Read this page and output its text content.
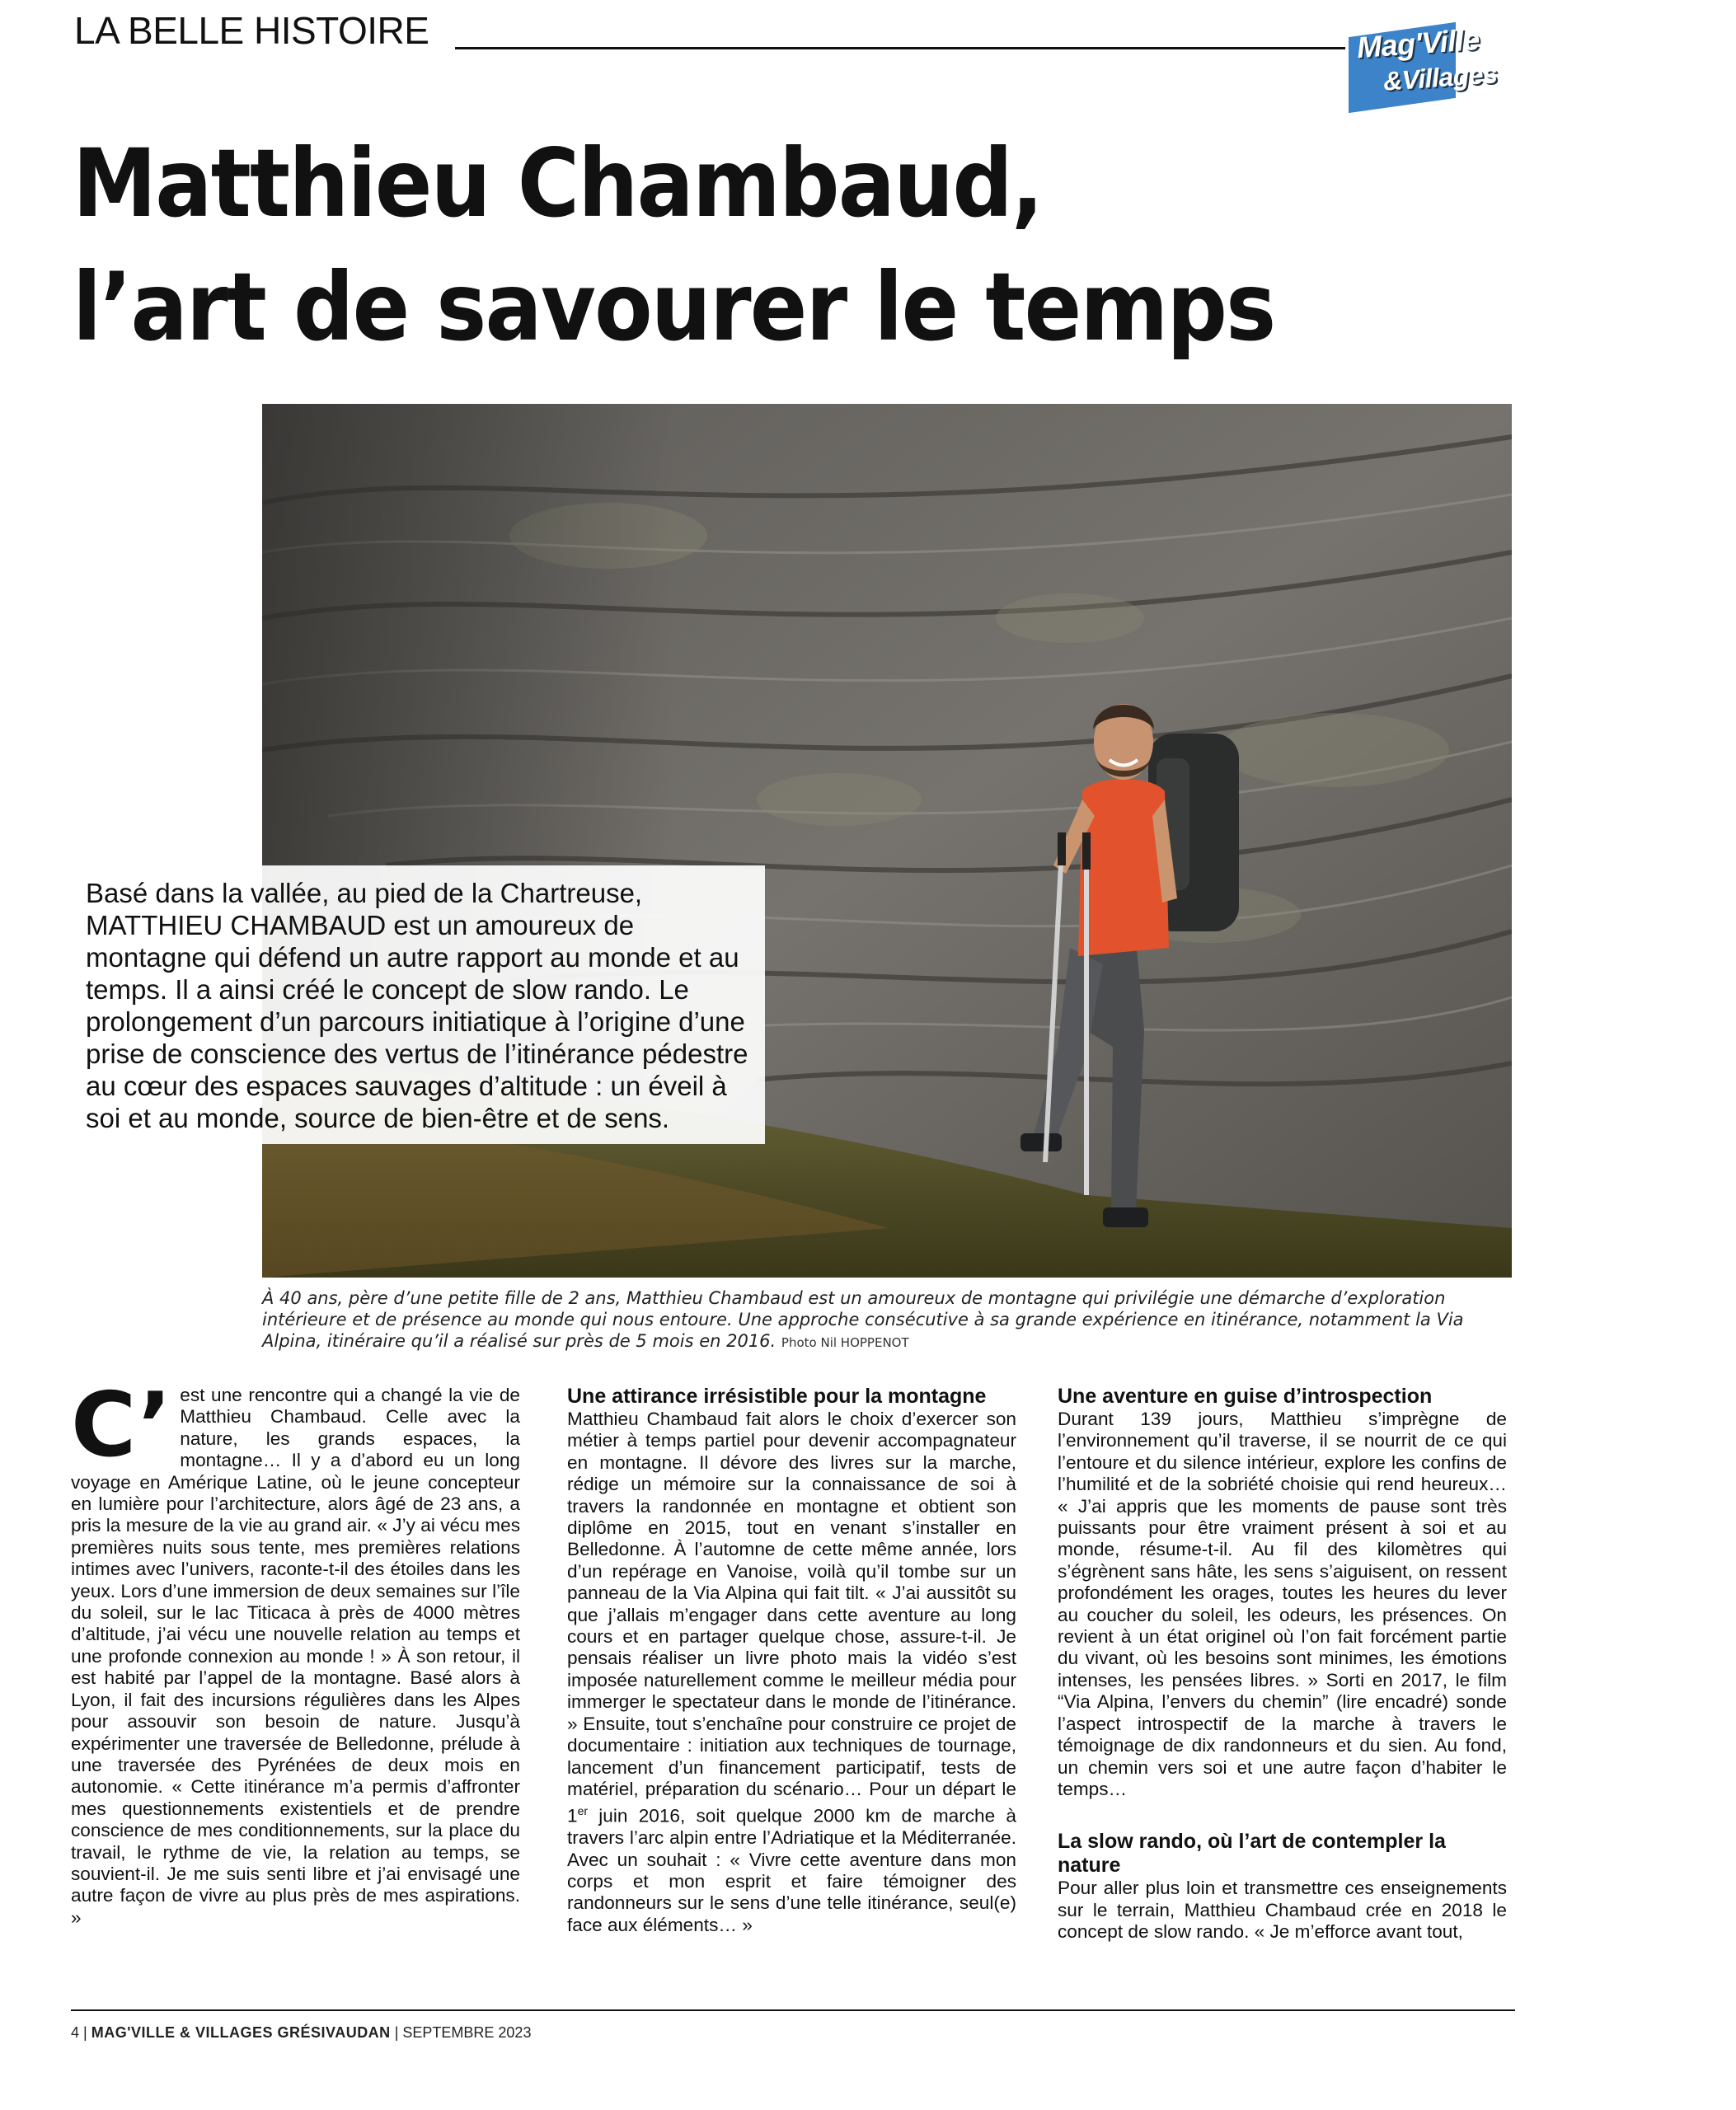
LA BELLE HISTOIRE	Mag'Ville
&Villages
Matthieu Chambaud,
l’art de savourer le temps
Basé dans la vallée, au pied de la Chartreuse, MATTHIEU CHAMBAUD est un amoureux de montagne qui défend un autre rapport au monde et au temps. Il a ainsi créé le concept de slow rando. Le prolongement d’un parcours initiatique à l’origine d’une prise de conscience des vertus de l’itinérance pédestre au cœur des espaces sauvages d’altitude : un éveil à soi et au monde, source de bien-être et de sens.
À 40 ans, père d’une petite fille de 2 ans, Matthieu Chambaud est un amoureux de montagne qui privilégie une démarche d’exploration intérieure et de présence au monde qui nous entoure. Une approche consécutive à sa grande expérience en itinérance, notamment la Via Alpina, itinéraire qu’il a réalisé sur près de 5 mois en 2016. Photo Nil HOPPENOT
C’ est une rencontre qui a changé la vie de Matthieu Chambaud. Celle avec la nature, les grands espaces, la montagne… Il y a d’abord eu un long voyage en Amérique Latine, où le jeune concepteur en lumière pour l’architecture, alors âgé de 23 ans, a pris la mesure de la vie au grand air. « J’y ai vécu mes premières nuits sous tente, mes premières relations intimes avec l’univers, raconte-t-il des étoiles dans les yeux. Lors d’une immersion de deux semaines sur l’île du soleil, sur le lac Titicaca à près de 4000 mètres d’altitude, j’ai vécu une nouvelle relation au temps et une profonde connexion au monde ! » À son retour, il est habité par l’appel de la montagne. Basé alors à Lyon, il fait des incursions régulières dans les Alpes pour assouvir son besoin de nature. Jusqu’à expérimenter une traversée de Belledonne, prélude à une traversée des Pyrénées de deux mois en autonomie. « Cette itinérance m’a permis d’affronter mes questionnements existentiels et de prendre conscience de mes conditionnements, sur la place du travail, le rythme de vie, la relation au temps, se souvient-il. Je me suis senti libre et j’ai envisagé une autre façon de vivre au plus près de mes aspirations. »

Une attirance irrésistible pour la montagne

Matthieu Chambaud fait alors le choix d’exercer son métier à temps partiel pour devenir accompagnateur en montagne. Il dévore des livres sur la marche, rédige un mémoire sur la connaissance de soi à travers la randonnée en montagne et obtient son diplôme en 2015, tout en venant s’installer en Belledonne. À l’automne de cette même année, lors d’un repérage en Vanoise, voilà qu’il tombe sur un panneau de la Via Alpina qui fait tilt. « J’ai aussitôt su que j’allais m’engager dans cette aventure au long cours et en partager quelque chose, assure-t-il. Je pensais réaliser un livre photo mais la vidéo s’est imposée naturellement comme le meilleur média pour immerger le spectateur dans le monde de l’itinérance. » Ensuite, tout s’enchaîne pour construire ce projet de documentaire : initiation aux techniques de tournage, lancement d’un financement participatif, tests de matériel, préparation du scénario… Pour un départ le 1er juin 2016, soit quelque 2000 km de marche à travers l’arc alpin entre l’Adriatique et la Méditerranée. Avec un souhait : « Vivre cette aventure dans mon corps et mon esprit et faire témoigner des randonneurs sur le sens d’une telle itinérance, seul(e) face aux éléments… »

Une aventure en guise d’introspection

Durant 139 jours, Matthieu s’imprègne de l’environnement qu’il traverse, il se nourrit de ce qui l’entoure et du silence intérieur, explore les confins de l’humilité et de la sobriété choisie qui rend heureux… « J’ai appris que les moments de pause sont très puissants pour être vraiment présent à soi et au monde, résume-t-il. Au fil des kilomètres qui s’égrènent sans hâte, les sens s’aiguisent, on ressent profondément les orages, toutes les heures du lever au coucher du soleil, les odeurs, les présences. On revient à un état originel où l’on fait forcément partie du vivant, où les besoins sont minimes, les émotions intenses, les pensées libres. » Sorti en 2017, le film “Via Alpina, l’envers du chemin” (lire encadré) sonde l’aspect introspectif de la marche à travers le témoignage de dix randonneurs et du sien. Au fond, un chemin vers soi et une autre façon d’habiter le temps…

La slow rando, où l’art de contempler la nature

Pour aller plus loin et transmettre ces enseignements sur le terrain, Matthieu Chambaud crée en 2018 le concept de slow rando. « Je m’efforce avant tout,

4 | MAG'VILLE & VILLAGES GRÉSIVAUDAN | SEPTEMBRE 2023
